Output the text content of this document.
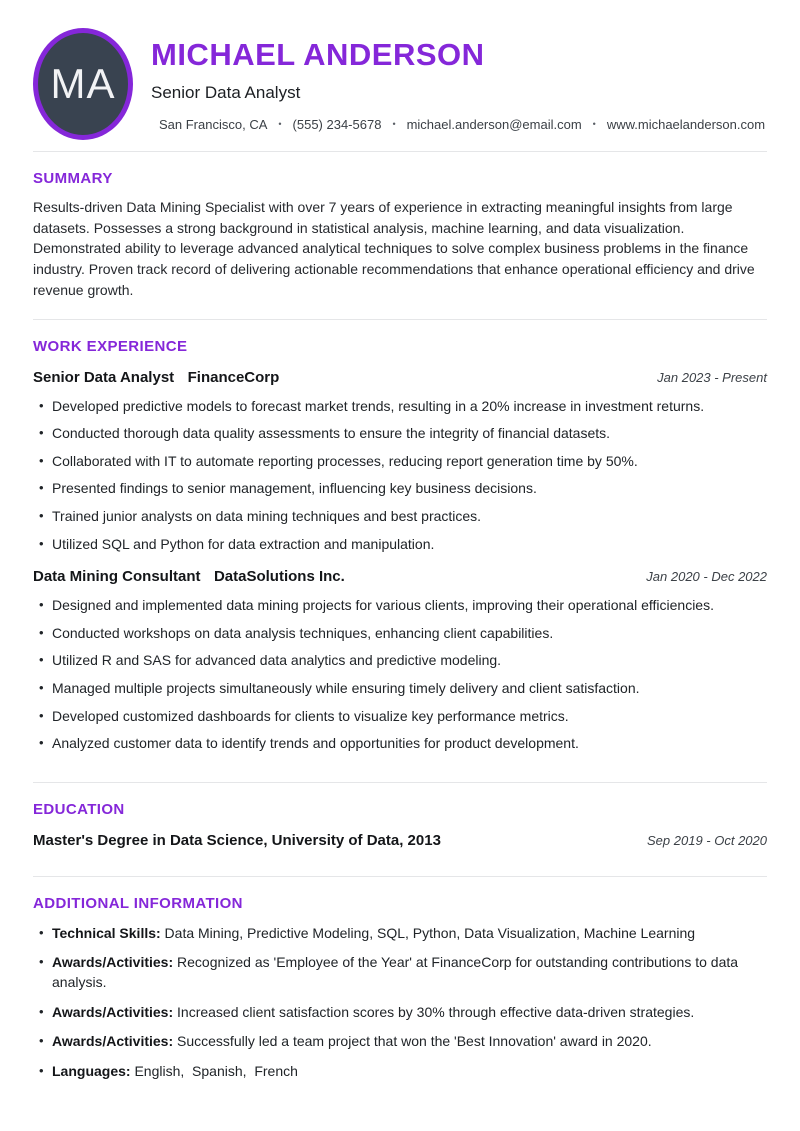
MA
MICHAEL ANDERSON
Senior Data Analyst
San Francisco, CA • (555) 234-5678 • michael.anderson@email.com • www.michaelanderson.com
SUMMARY

Results-driven Data Mining Specialist with over 7 years of experience in extracting meaningful insights from large datasets. Possesses a strong background in statistical analysis, machine learning, and data visualization. Demonstrated ability to leverage advanced analytical techniques to solve complex business problems in the finance industry. Proven track record of delivering actionable recommendations that enhance operational efficiency and drive revenue growth.

WORK EXPERIENCE
Senior Data Analyst FinanceCorp	Jan 2023 - Present
• Developed predictive models to forecast market trends, resulting in a 20% increase in investment returns.
• Conducted thorough data quality assessments to ensure the integrity of financial datasets.
• Collaborated with IT to automate reporting processes, reducing report generation time by 50%.
• Presented findings to senior management, influencing key business decisions.
• Trained junior analysts on data mining techniques and best practices.
• Utilized SQL and Python for data extraction and manipulation.
Data Mining Consultant DataSolutions Inc.	Jan 2020 - Dec 2022
• Designed and implemented data mining projects for various clients, improving their operational efficiencies.
• Conducted workshops on data analysis techniques, enhancing client capabilities.
• Utilized R and SAS for advanced data analytics and predictive modeling.
• Managed multiple projects simultaneously while ensuring timely delivery and client satisfaction.
• Developed customized dashboards for clients to visualize key performance metrics.
• Analyzed customer data to identify trends and opportunities for product development.
EDUCATION
Master's Degree in Data Science, University of Data, 2013	Sep 2019 - Oct 2020
ADDITIONAL INFORMATION
• Technical Skills: Data Mining, Predictive Modeling, SQL, Python, Data Visualization, Machine Learning
• Awards/Activities: Recognized as 'Employee of the Year' at FinanceCorp for outstanding contributions to data analysis.
• Awards/Activities: Increased client satisfaction scores by 30% through effective data-driven strategies.
• Awards/Activities: Successfully led a team project that won the 'Best Innovation' award in 2020.
• Languages: English,  Spanish,  French
